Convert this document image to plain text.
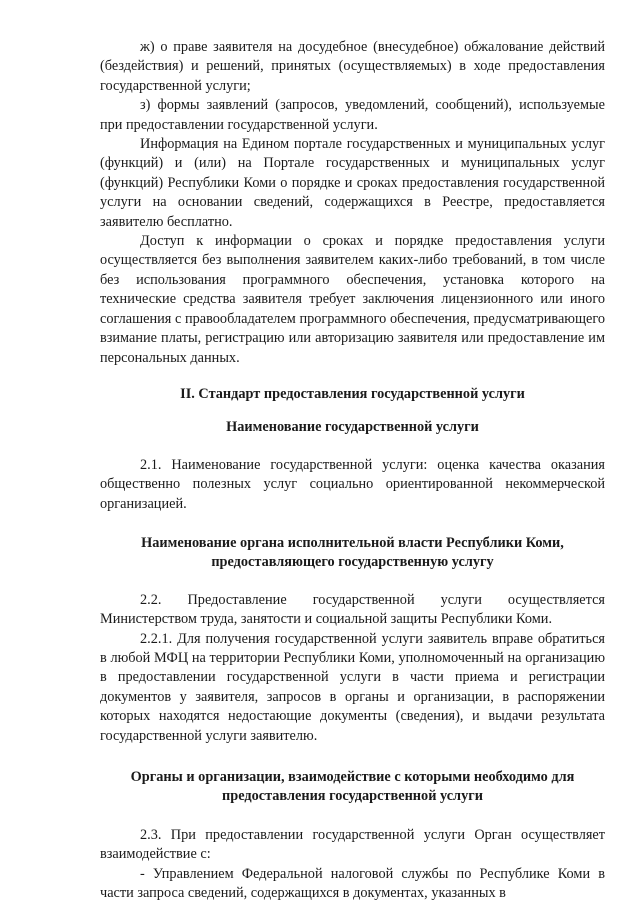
ж) о праве заявителя на досудебное (внесудебное) обжалование действий (бездействия) и решений, принятых (осуществляемых) в ходе предоставления государственной услуги;

з) формы заявлений (запросов, уведомлений, сообщений), используемые при предоставлении государственной услуги.

Информация на Едином портале государственных и муниципальных услуг (функций) и (или) на Портале государственных и муниципальных услуг (функций) Республики Коми о порядке и сроках предоставления государственной услуги на основании сведений, содержащихся в Реестре, предоставляется заявителю бесплатно.

Доступ к информации о сроках и порядке предоставления услуги осуществляется без выполнения заявителем каких-либо требований, в том числе без использования программного обеспечения, установка которого на технические средства заявителя требует заключения лицензионного или иного соглашения с правообладателем программного обеспечения, предусматривающего взимание платы, регистрацию или авторизацию заявителя или предоставление им персональных данных.

II. Стандарт предоставления государственной услуги

Наименование государственной услуги

2.1. Наименование государственной услуги: оценка качества оказания общественно полезных услуг социально ориентированной некоммерческой организацией.

Наименование органа исполнительной власти Республики Коми,

предоставляющего государственную услугу

2.2. Предоставление государственной услуги осуществляется Министерством труда, занятости и социальной защиты Республики Коми.

2.2.1. Для получения государственной услуги заявитель вправе обратиться в любой МФЦ на территории Республики Коми, уполномоченный на организацию в предоставлении государственной услуги в части приема и регистрации документов у заявителя, запросов в органы и организации, в распоряжении которых находятся недостающие документы (сведения), и выдачи результата государственной услуги заявителю.

Органы и организации, взаимодействие с которыми необходимо для

предоставления государственной услуги

2.3. При предоставлении государственной услуги Орган осуществляет взаимодействие с:

- Управлением Федеральной налоговой службы по Республике Коми в части запроса сведений, содержащихся в документах, указанных в
